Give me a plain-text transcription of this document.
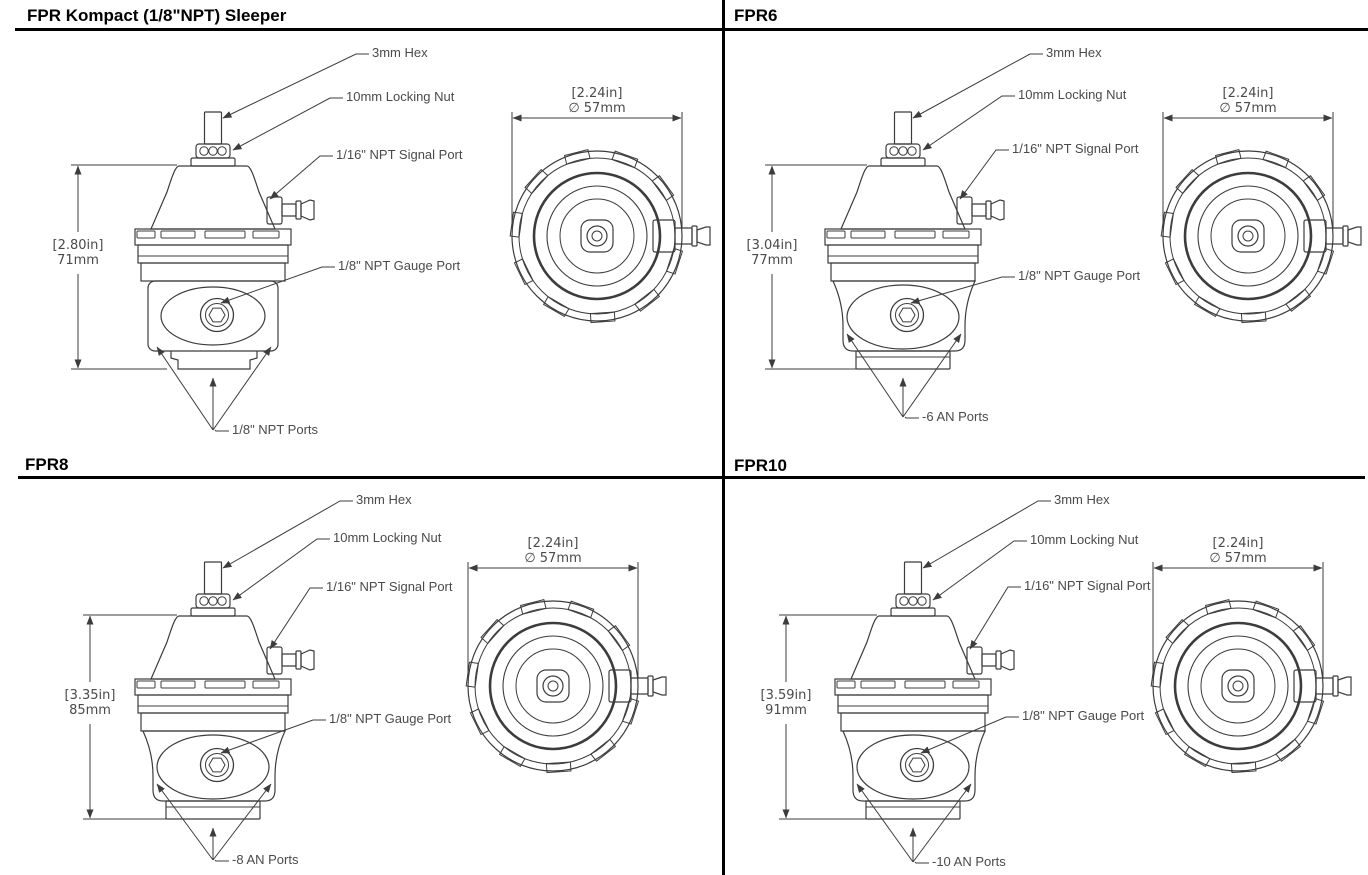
FPR Kompact (1/8"NPT) Sleeper	FPR6
FPR8	FPR10
3mm Hex
10mm Locking Nut
1/16" NPT Signal Port
1/8" NPT Gauge Port
1/8" NPT Ports
[2.80in]
71mm
[2.24in]
∅ 57mm
3mm Hex
10mm Locking Nut
1/16" NPT Signal Port
1/8" NPT Gauge Port
-6 AN Ports
[3.04in]
77mm
[2.24in]
∅ 57mm
3mm Hex
10mm Locking Nut
1/16" NPT Signal Port
1/8" NPT Gauge Port
-8 AN Ports
[3.35in]
85mm
[2.24in]
∅ 57mm
3mm Hex
10mm Locking Nut
1/16" NPT Signal Port
1/8" NPT Gauge Port
-10 AN Ports
[3.59in]
91mm
[2.24in]
∅ 57mm
